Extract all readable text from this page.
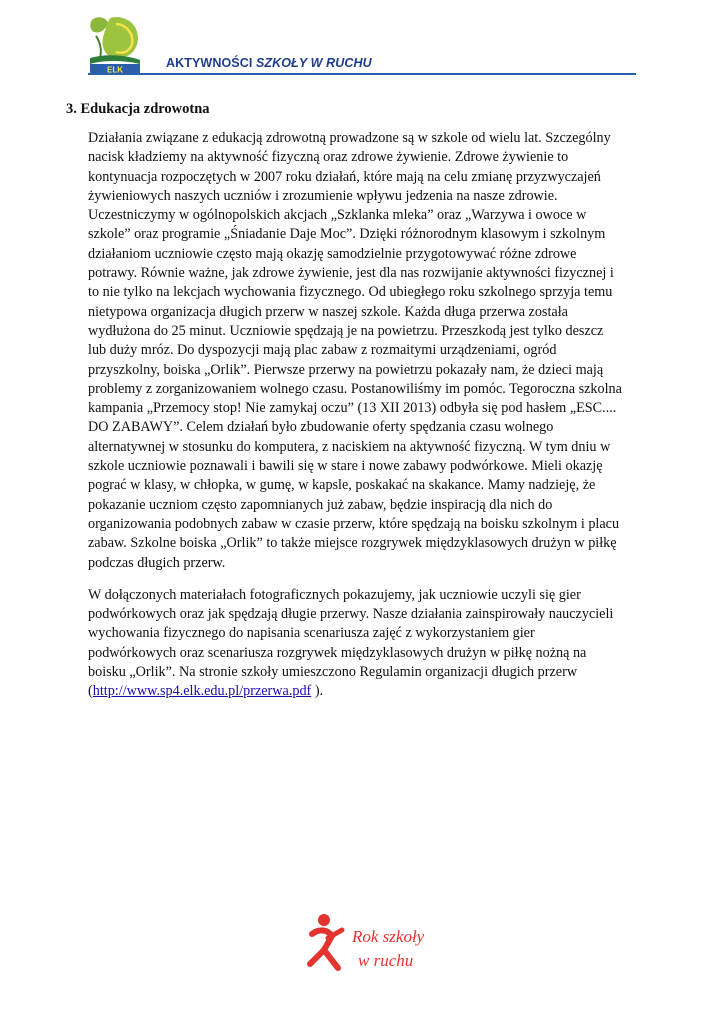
ELK	AKTYWNOŚCI SZKOŁY W RUCHU
3. Edukacja zdrowotna

Działania związane z edukacją zdrowotną prowadzone są w szkole od wielu lat. Szczególny

nacisk kładziemy na aktywność fizyczną oraz zdrowe żywienie. Zdrowe żywienie to

kontynuacja rozpoczętych w 2007 roku działań, które mają na celu zmianę przyzwyczajeń

żywieniowych naszych uczniów i zrozumienie wpływu jedzenia na nasze zdrowie.

Uczestniczymy w ogólnopolskich akcjach „Szklanka mleka” oraz „Warzywa i owoce w

szkole” oraz programie „Śniadanie Daje Moc”. Dzięki różnorodnym klasowym i szkolnym

działaniom uczniowie często mają okazję samodzielnie przygotowywać różne zdrowe

potrawy. Równie ważne, jak zdrowe żywienie, jest dla nas rozwijanie aktywności fizycznej i

to nie tylko na lekcjach wychowania fizycznego. Od ubiegłego roku szkolnego sprzyja temu

nietypowa organizacja długich przerw w naszej szkole. Każda długa przerwa została

wydłużona do 25 minut. Uczniowie spędzają je na powietrzu. Przeszkodą jest tylko deszcz

lub duży mróz. Do dyspozycji mają plac zabaw z rozmaitymi urządzeniami, ogród

przyszkolny, boiska „Orlik”. Pierwsze przerwy na powietrzu pokazały nam, że dzieci mają

problemy z zorganizowaniem wolnego czasu. Postanowiliśmy im pomóc. Tegoroczna szkolna

kampania „Przemocy stop! Nie zamykaj oczu” (13 XII 2013) odbyła się pod hasłem „ESC....

DO ZABAWY”. Celem działań było zbudowanie oferty spędzania czasu wolnego

alternatywnej w stosunku do komputera, z naciskiem na aktywność fizyczną. W tym dniu w

szkole uczniowie poznawali i bawili się w stare i nowe zabawy podwórkowe. Mieli okazję

pograć w klasy, w chłopka, w gumę, w kapsle, poskakać na skakance. Mamy nadzieję, że

pokazanie uczniom często zapomnianych już zabaw, będzie inspiracją dla nich do

organizowania podobnych zabaw w czasie przerw, które spędzają na boisku szkolnym i placu

zabaw. Szkolne boiska „Orlik” to także miejsce rozgrywek międzyklasowych drużyn w piłkę

podczas długich przerw.

W dołączonych materiałach fotograficznych pokazujemy, jak uczniowie uczyli się gier

podwórkowych oraz jak spędzają długie przerwy. Nasze działania zainspirowały nauczycieli

wychowania fizycznego do napisania scenariusza zajęć z wykorzystaniem gier

podwórkowych oraz scenariusza rozgrywek międzyklasowych drużyn w piłkę nożną na

boisku „Orlik”. Na stronie szkoły umieszczono Regulamin organizacji długich przerw

(http://www.sp4.elk.edu.pl/przerwa.pdf ).

Rok szkoły
w ruchu
